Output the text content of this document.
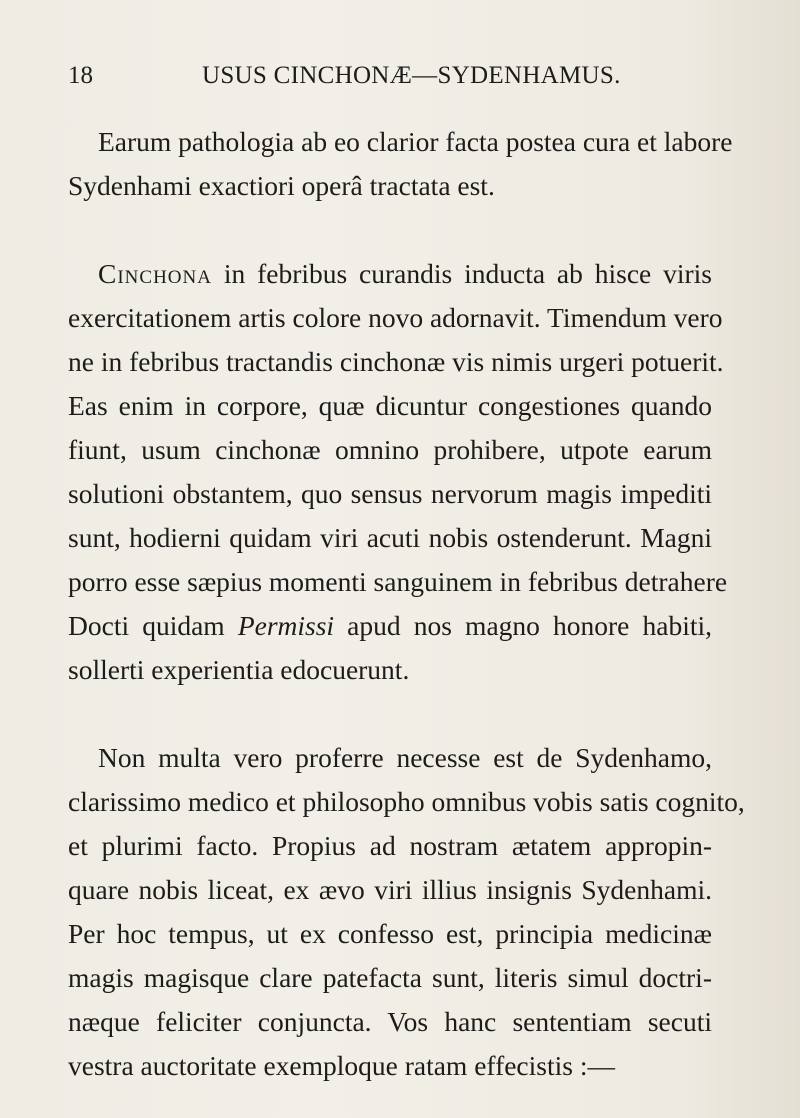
18	USUS CINCHONÆ—SYDENHAMUS.
Earum pathologia ab eo clarior facta postea cura et labore
Sydenhami exactiori operâ tractata est.
Cinchona in febribus curandis inducta ab hisce viris
exercitationem artis colore novo adornavit. Timendum vero
ne in febribus tractandis cinchonæ vis nimis urgeri potuerit.
Eas enim in corpore, quæ dicuntur congestiones quando
fiunt, usum cinchonæ omnino prohibere, utpote earum
solutioni obstantem, quo sensus nervorum magis impediti
sunt, hodierni quidam viri acuti nobis ostenderunt. Magni
porro esse sæpius momenti sanguinem in febribus detrahere
Docti quidam Permissi apud nos magno honore habiti,
sollerti experientia edocuerunt.
Non multa vero proferre necesse est de Sydenhamo,
clarissimo medico et philosopho omnibus vobis satis cognito,
et plurimi facto. Propius ad nostram ætatem appropin-
quare nobis liceat, ex ævo viri illius insignis Sydenhami.
Per hoc tempus, ut ex confesso est, principia medicinæ
magis magisque clare patefacta sunt, literis simul doctri-
næque feliciter conjuncta. Vos hanc sententiam secuti
vestra auctoritate exemploque ratam effecistis :—
